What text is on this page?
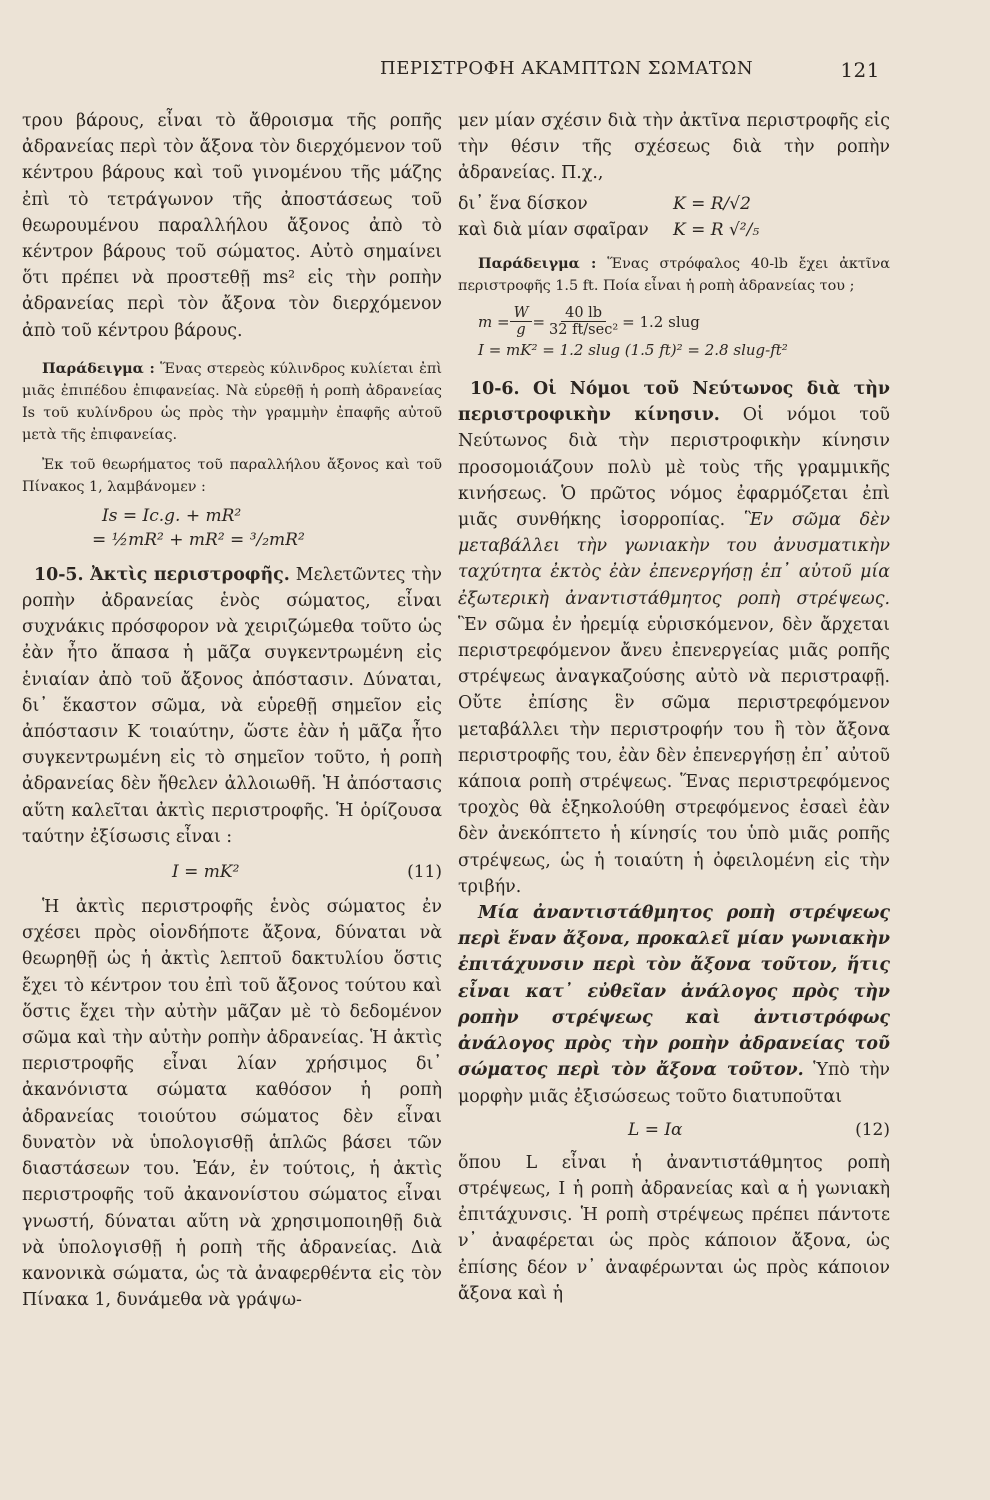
ΠΕΡΙΣΤΡΟΦΗ ΑΚΑΜΠΤΩΝ ΣΩΜΑΤΩΝ	121

τρου βάρους, εἶναι τὸ ἄθροισμα τῆς ροπῆς ἀδρανείας περὶ τὸν ἄξονα τὸν διερχόμενον τοῦ κέντρου βάρους καὶ τοῦ γινομένου τῆς μάζης ἐπὶ τὸ τετράγωνον τῆς ἀποστάσεως τοῦ θεωρουμένου παραλλήλου ἄξονος ἀπὸ τὸ κέντρον βάρους τοῦ σώματος. Αὐτὸ σημαίνει ὅτι πρέπει νὰ προστεθῇ ms² εἰς τὴν ροπὴν ἀδρανείας περὶ τὸν ἄξονα τὸν διερχόμενον ἀπὸ τοῦ κέντρου βάρους.

Παράδειγμα : Ἕνας στερεὸς κύλινδρος κυλίεται ἐπὶ μιᾶς ἐπιπέδου ἐπιφανείας. Νὰ εὑρεθῇ ἡ ροπὴ ἀδρανείας Is τοῦ κυλίνδρου ὡς πρὸς τὴν γραμμὴν ἐπαφῆς αὐτοῦ μετὰ τῆς ἐπιφανείας.

Ἐκ τοῦ θεωρήματος τοῦ παραλλήλου ἄξονος καὶ τοῦ Πίνακος 1, λαμβάνομεν :

Is = Ic.g. + mR²

= ½mR² + mR² = ³/₂mR²

10-5. Ἀκτὶς περιστροφῆς. Μελετῶντες τὴν ροπὴν ἀδρανείας ἑνὸς σώματος, εἶναι συχνάκις πρόσφορον νὰ χειριζώμεθα τοῦτο ὡς ἐὰν ἦτο ἅπασα ἡ μᾶζα συγκεντρωμένη εἰς ἑνιαίαν ἀπὸ τοῦ ἄξονος ἀπόστασιν. Δύναται, δι᾽ ἕκαστον σῶμα, νὰ εὑρεθῇ σημεῖον εἰς ἀπόστασιν K τοιαύτην, ὥστε ἐὰν ἡ μᾶζα ἦτο συγκεντρωμένη εἰς τὸ σημεῖον τοῦτο, ἡ ροπὴ ἀδρανείας δὲν ἤθελεν ἀλλοιωθῆ. Ἡ ἀπόστασις αὕτη καλεῖται ἀκτὶς περιστροφῆς. Ἡ ὁρίζουσα ταύτην ἐξίσωσις εἶναι :

I = mK²	(11)

Ἡ ἀκτὶς περιστροφῆς ἑνὸς σώματος ἐν σχέσει πρὸς οἱονδήποτε ἄξονα, δύναται νὰ θεωρηθῇ ὡς ἡ ἀκτὶς λεπτοῦ δακτυλίου ὅστις ἔχει τὸ κέντρον του ἐπὶ τοῦ ἄξονος τούτου καὶ ὅστις ἔχει τὴν αὐτὴν μᾶζαν μὲ τὸ δεδομένον σῶμα καὶ τὴν αὐτὴν ροπὴν ἀδρανείας. Ἡ ἀκτὶς περιστροφῆς εἶναι λίαν χρήσιμος δι᾽ ἀκανόνιστα σώματα καθόσον ἡ ροπὴ ἀδρανείας τοιούτου σώματος δὲν εἶναι δυνατὸν νὰ ὑπολογισθῇ ἁπλῶς βάσει τῶν διαστάσεων του. Ἐάν, ἐν τούτοις, ἡ ἀκτὶς περιστροφῆς τοῦ ἀκανονίστου σώματος εἶναι γνωστή, δύναται αὕτη νὰ χρησιμοποιηθῇ διὰ νὰ ὑπολογισθῇ ἡ ροπὴ τῆς ἀδρανείας. Διὰ κανονικὰ σώματα, ὡς τὰ ἀναφερθέντα εἰς τὸν Πίνακα 1, δυνάμεθα νὰ γράψω-

μεν μίαν σχέσιν διὰ τὴν ἀκτῖνα περιστροφῆς εἰς τὴν θέσιν τῆς σχέσεως διὰ τὴν ροπὴν ἀδρανείας. Π.χ.,

δι᾽ ἕνα δίσκον	K = R/√2
καὶ διὰ μίαν σφαῖραν	K = R √²/₅

Παράδειγμα : Ἕνας στρόφαλος 40-lb ἔχει ἀκτῖνα περιστροφῆς 1.5 ft. Ποία εἶναι ἡ ροπὴ ἀδρανείας του ;

$m = \frac{W}{g} = \frac{40 lb}{\text{32 ft/sec²}} = 1.2$ slug

I = mK² = 1.2 slug (1.5 ft)² = 2.8 slug-ft²

10-6. Οἱ Νόμοι τοῦ Νεύτωνος διὰ τὴν περιστροφικὴν κίνησιν. Οἱ νόμοι τοῦ Νεύτωνος διὰ τὴν περιστροφικὴν κίνησιν προσομοιάζουν πολὺ μὲ τοὺς τῆς γραμμικῆς κινήσεως. Ὁ πρῶτος νόμος ἐφαρμόζεται ἐπὶ μιᾶς συνθήκης ἰσορροπίας. Ἓν σῶμα δὲν μεταβάλλει τὴν γωνιακὴν του ἀνυσματικὴν ταχύτητα ἐκτὸς ἐὰν ἐπενεργήσῃ ἐπ᾽ αὐτοῦ μία ἐξωτερικὴ ἀναντιστάθμητος ροπὴ στρέψεως. Ἓν σῶμα ἐν ἠρεμίᾳ εὑρισκόμενον, δὲν ἄρχεται περιστρεφόμενον ἄνευ ἐπενεργείας μιᾶς ροπῆς στρέψεως ἀναγκαζούσης αὐτὸ νὰ περιστραφῇ. Οὔτε ἐπίσης ἓν σῶμα περιστρεφόμενον μεταβάλλει τὴν περιστροφήν του ἢ τὸν ἄξονα περιστροφῆς του, ἐὰν δὲν ἐπενεργήσῃ ἐπ᾽ αὐτοῦ κάποια ροπὴ στρέψεως. Ἕνας περιστρεφόμενος τροχὸς θὰ ἐξηκολούθη στρεφόμενος ἐσαεὶ ἐὰν δὲν ἀνεκόπτετο ἡ κίνησίς του ὑπὸ μιᾶς ροπῆς στρέψεως, ὡς ἡ τοιαύτη ἡ ὀφειλομένη εἰς τὴν τριβήν.

Μία ἀναντιστάθμητος ροπὴ στρέψεως περὶ ἕναν ἄξονα, προκαλεῖ μίαν γωνιακὴν ἐπιτάχυνσιν περὶ τὸν ἄξονα τοῦτον, ἥτις εἶναι κατ᾽ εὐθεῖαν ἀνάλογος πρὸς τὴν ροπὴν στρέψεως καὶ ἀντιστρόφως ἀνάλογος πρὸς τὴν ροπὴν ἀδρανείας τοῦ σώματος περὶ τὸν ἄξονα τοῦτον. Ὑπὸ τὴν μορφὴν μιᾶς ἐξισώσεως τοῦτο διατυποῦται

L = Iα	(12)

ὅπου L εἶναι ἡ ἀναντιστάθμητος ροπὴ στρέψεως, I ἡ ροπὴ ἀδρανείας καὶ α ἡ γωνιακὴ ἐπιτάχυνσις. Ἡ ροπὴ στρέψεως πρέπει πάντοτε ν᾽ ἀναφέρεται ὡς πρὸς κάποιον ἄξονα, ὡς ἐπίσης δέον ν᾽ ἀναφέρωνται ὡς πρὸς κάποιον ἄξονα καὶ ἡ
